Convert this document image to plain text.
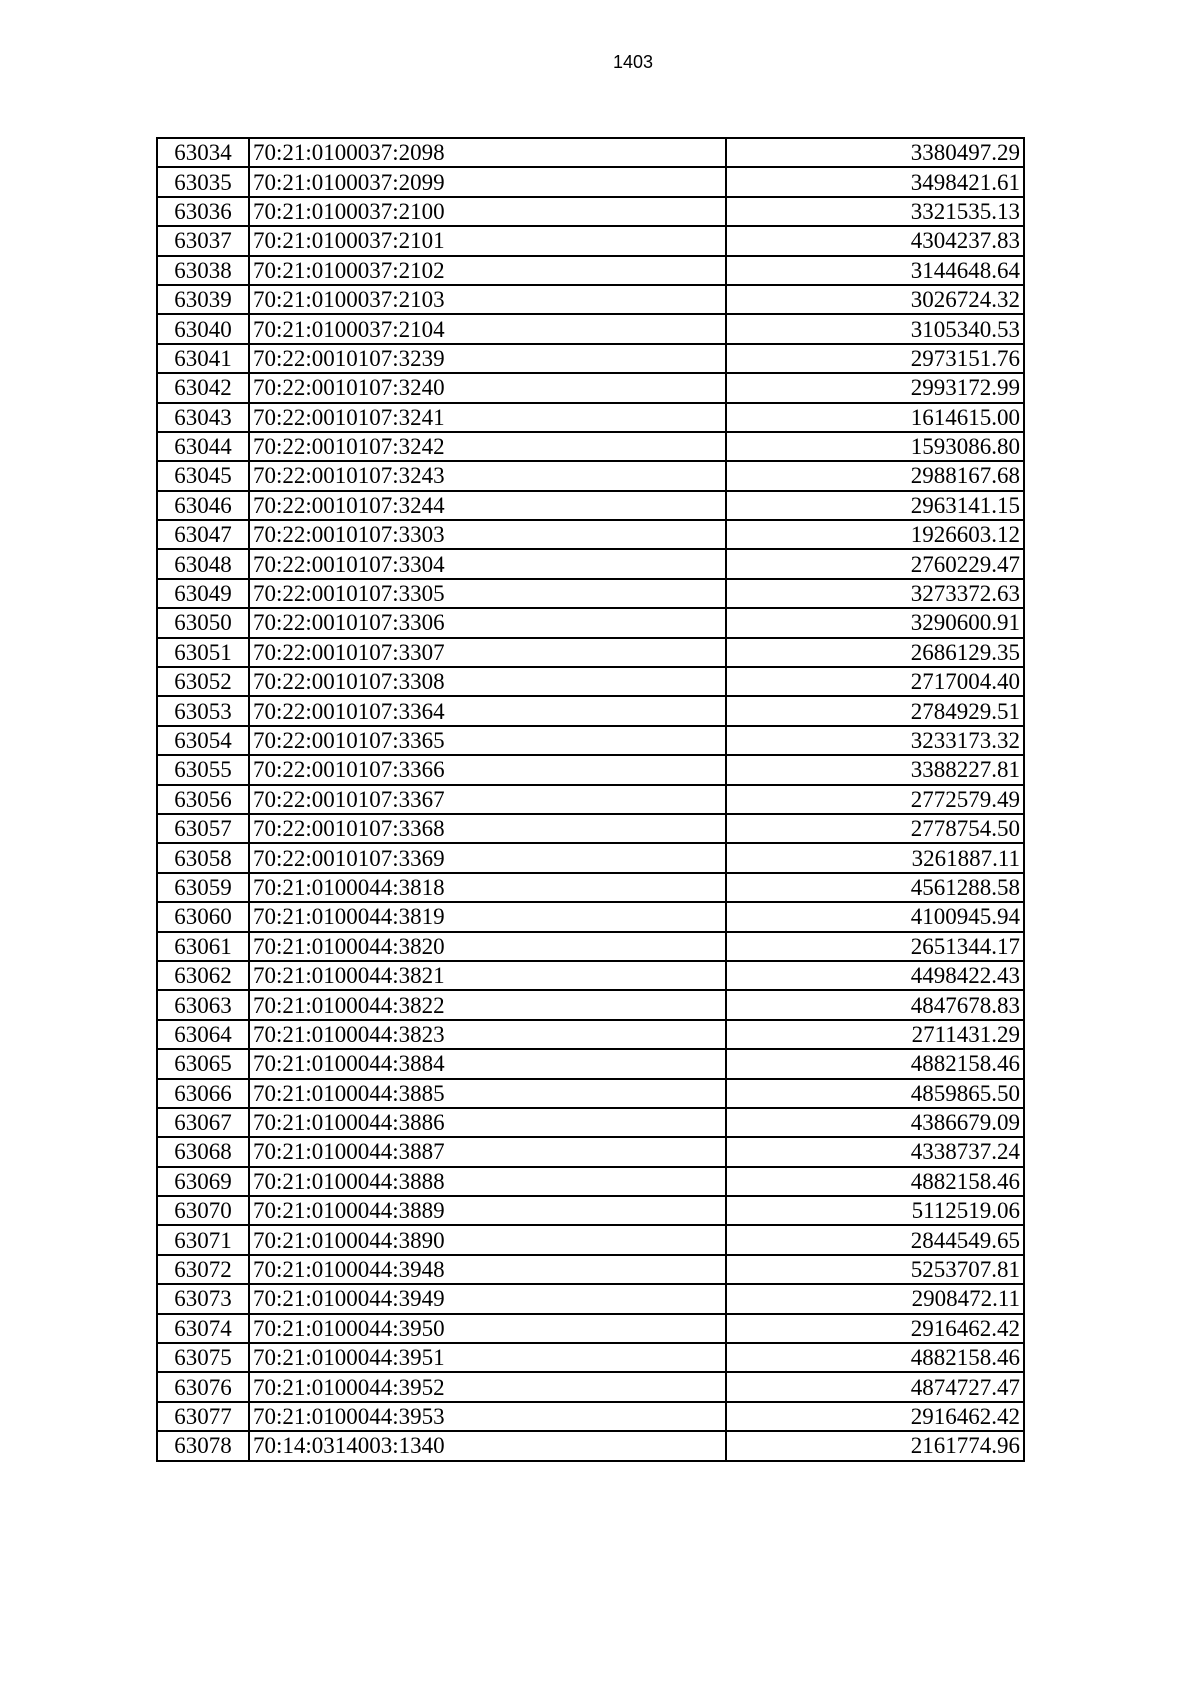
1403
63034	70:21:0100037:2098	3380497.29
63035	70:21:0100037:2099	3498421.61
63036	70:21:0100037:2100	3321535.13
63037	70:21:0100037:2101	4304237.83
63038	70:21:0100037:2102	3144648.64
63039	70:21:0100037:2103	3026724.32
63040	70:21:0100037:2104	3105340.53
63041	70:22:0010107:3239	2973151.76
63042	70:22:0010107:3240	2993172.99
63043	70:22:0010107:3241	1614615.00
63044	70:22:0010107:3242	1593086.80
63045	70:22:0010107:3243	2988167.68
63046	70:22:0010107:3244	2963141.15
63047	70:22:0010107:3303	1926603.12
63048	70:22:0010107:3304	2760229.47
63049	70:22:0010107:3305	3273372.63
63050	70:22:0010107:3306	3290600.91
63051	70:22:0010107:3307	2686129.35
63052	70:22:0010107:3308	2717004.40
63053	70:22:0010107:3364	2784929.51
63054	70:22:0010107:3365	3233173.32
63055	70:22:0010107:3366	3388227.81
63056	70:22:0010107:3367	2772579.49
63057	70:22:0010107:3368	2778754.50
63058	70:22:0010107:3369	3261887.11
63059	70:21:0100044:3818	4561288.58
63060	70:21:0100044:3819	4100945.94
63061	70:21:0100044:3820	2651344.17
63062	70:21:0100044:3821	4498422.43
63063	70:21:0100044:3822	4847678.83
63064	70:21:0100044:3823	2711431.29
63065	70:21:0100044:3884	4882158.46
63066	70:21:0100044:3885	4859865.50
63067	70:21:0100044:3886	4386679.09
63068	70:21:0100044:3887	4338737.24
63069	70:21:0100044:3888	4882158.46
63070	70:21:0100044:3889	5112519.06
63071	70:21:0100044:3890	2844549.65
63072	70:21:0100044:3948	5253707.81
63073	70:21:0100044:3949	2908472.11
63074	70:21:0100044:3950	2916462.42
63075	70:21:0100044:3951	4882158.46
63076	70:21:0100044:3952	4874727.47
63077	70:21:0100044:3953	2916462.42
63078	70:14:0314003:1340	2161774.96
